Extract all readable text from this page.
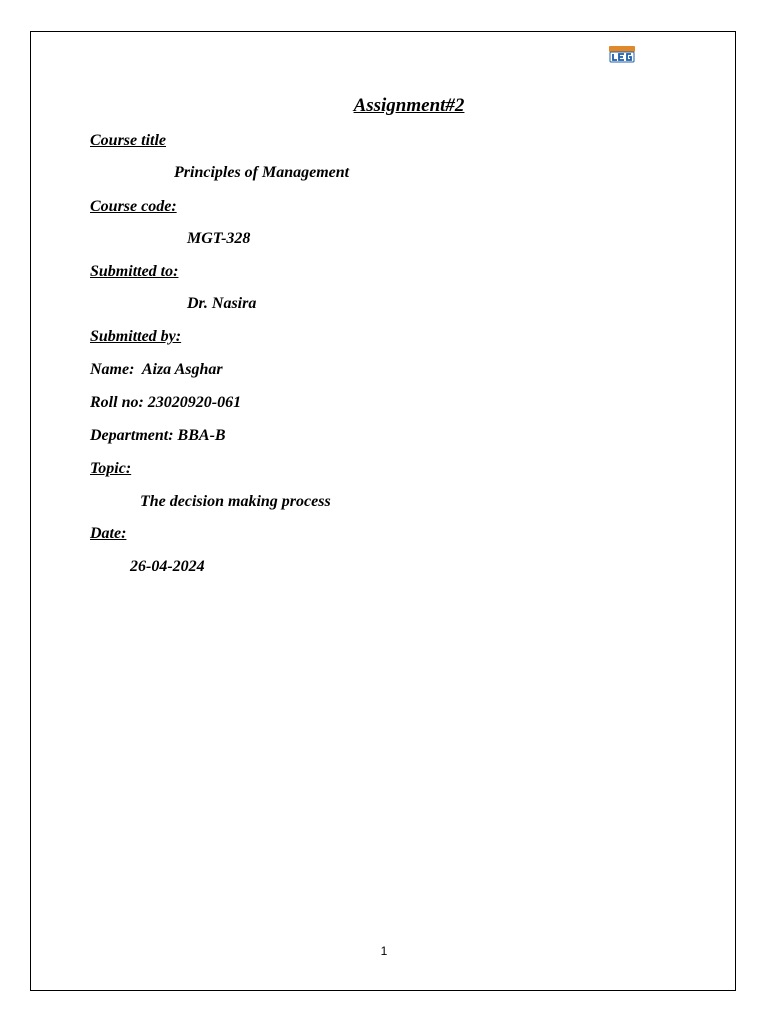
Assignment#2
Course title
Principles of Management
Course code:
MGT-328
Submitted to:
Dr. Nasira
Submitted by:
Name:  Aiza Asghar
Roll no: 23020920-061
Department: BBA-B
Topic:
The decision making process
Date:
26-04-2024
1
